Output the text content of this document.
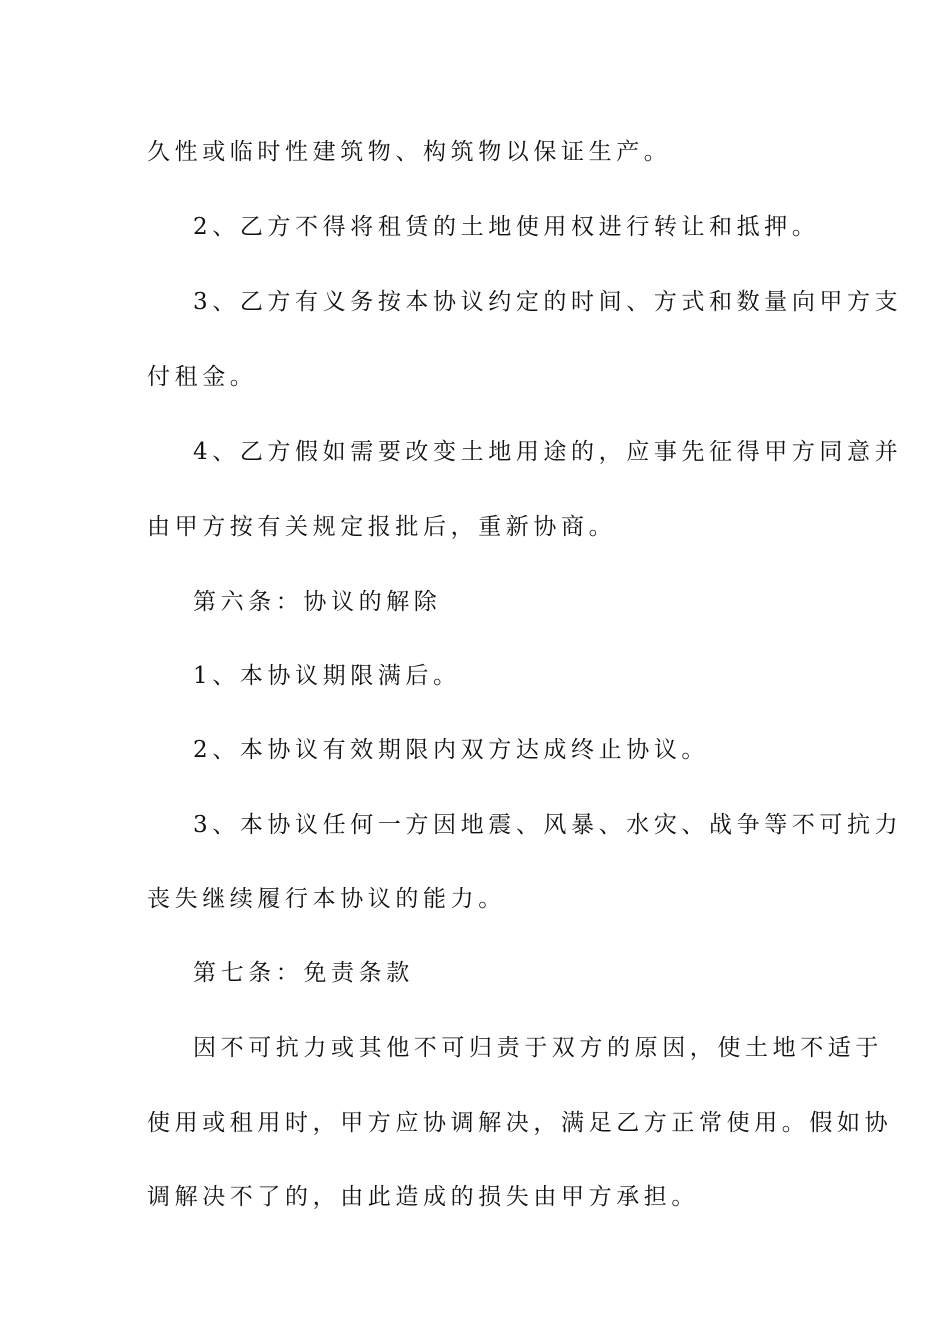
久性或临时性建筑物、构筑物以保证生产。
2、乙方不得将租赁的土地使用权进行转让和抵押。
3、乙方有义务按本协议约定的时间、方式和数量向甲方支
付租金。
4、乙方假如需要改变土地用途的，应事先征得甲方同意并
由甲方按有关规定报批后，重新协商。
第六条：协议的解除
1、本协议期限满后。
2、本协议有效期限内双方达成终止协议。
3、本协议任何一方因地震、风暴、水灾、战争等不可抗力
丧失继续履行本协议的能力。
第七条：免责条款
因不可抗力或其他不可归责于双方的原因，使土地不适于
使用或租用时，甲方应协调解决，满足乙方正常使用。假如协
调解决不了的，由此造成的损失由甲方承担。
